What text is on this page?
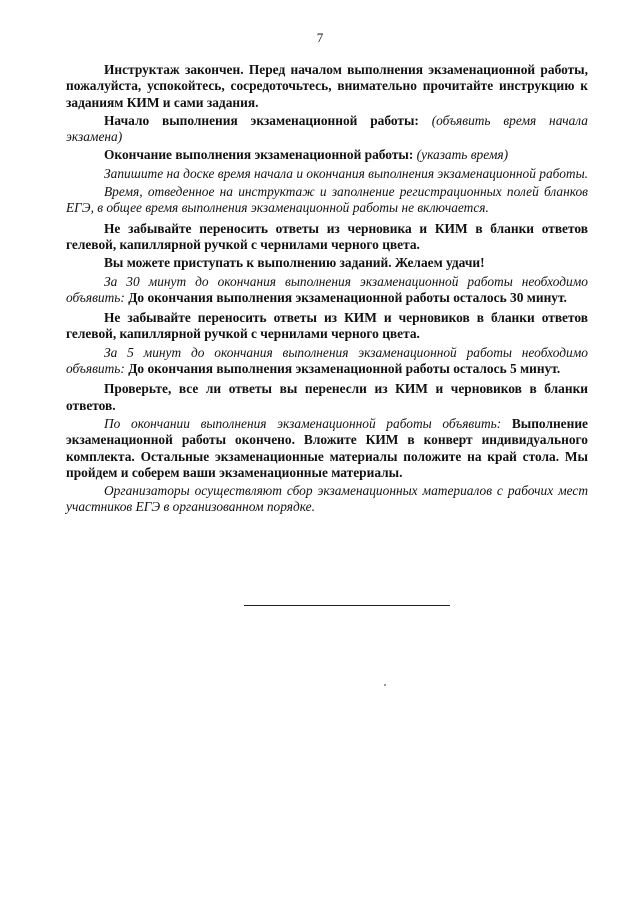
7

Инструктаж закончен. Перед началом выполнения экзаменационной работы, пожалуйста, успокойтесь, сосредоточьтесь, внимательно прочитайте инструкцию к заданиям КИМ и сами задания.

Начало выполнения экзаменационной работы: (объявить время начала экзамена)

Окончание выполнения экзаменационной работы: (указать время)

Запишите на доске время начала и окончания выполнения экзаменационной работы.

Время, отведенное на инструктаж и заполнение регистрационных полей бланков ЕГЭ, в общее время выполнения экзаменационной работы не включается.

Не забывайте переносить ответы из черновика и КИМ в бланки ответов гелевой, капиллярной ручкой с чернилами черного цвета.

Вы можете приступать к выполнению заданий. Желаем удачи!

За 30 минут до окончания выполнения экзаменационной работы необходимо объявить: До окончания выполнения экзаменационной работы осталось 30 минут.

Не забывайте переносить ответы из КИМ и черновиков в бланки ответов гелевой, капиллярной ручкой с чернилами черного цвета.

За 5 минут до окончания выполнения экзаменационной работы необходимо объявить: До окончания выполнения экзаменационной работы осталось 5 минут.

Проверьте, все ли ответы вы перенесли из КИМ и черновиков в бланки ответов.

По окончании выполнения экзаменационной работы объявить: Выполнение экзаменационной работы окончено. Вложите КИМ в конверт индивидуального комплекта. Остальные экзаменационные материалы положите на край стола. Мы пройдем и соберем ваши экзаменационные материалы.

Организаторы осуществляют сбор экзаменационных материалов с рабочих мест участников ЕГЭ в организованном порядке.
